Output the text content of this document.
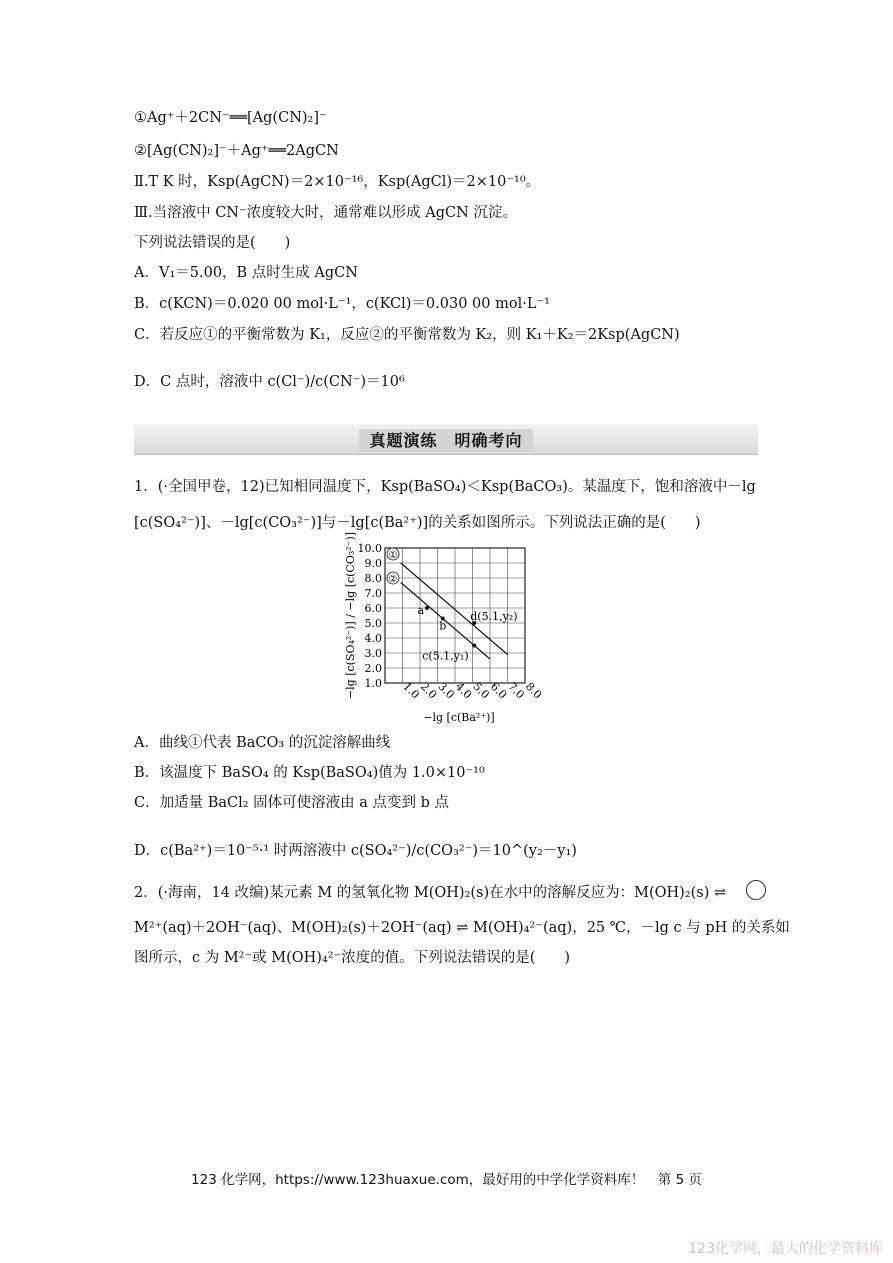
①Ag⁺＋2CN⁻══[Ag(CN)₂]⁻
②[Ag(CN)₂]⁻＋Ag⁺══2AgCN
Ⅱ.T K 时，Ksp(AgCN)＝2×10⁻¹⁶，Ksp(AgCl)＝2×10⁻¹⁰。
Ⅲ.当溶液中 CN⁻浓度较大时，通常难以形成 AgCN 沉淀。
下列说法错误的是(　　)
A．V₁＝5.00，B 点时生成 AgCN
B．c(KCN)＝0.020 00 mol·L⁻¹，c(KCl)＝0.030 00 mol·L⁻¹
C．若反应①的平衡常数为 K₁，反应②的平衡常数为 K₂，则 K₁＋K₂＝2Ksp(AgCN)
D．C 点时，溶液中 c(Cl⁻)/c(CN⁻)＝10⁶
真题演练　明确考向
1．(·全国甲卷，12)已知相同温度下，Ksp(BaSO₄)＜Ksp(BaCO₃)。某温度下，饱和溶液中－lg
[c(SO₄²⁻)]、－lg[c(CO₃²⁻)]与－lg[c(Ba²⁺)]的关系如图所示。下列说法正确的是(　　)
1.0
2.0
3.0
4.0
5.0
6.0
7.0
8.0
9.0
10.0
1.0
2.0
3.0
4.0
5.0
6.0
7.0
8.0
−lg [c(Ba²⁺)]
−lg [c(SO₄²⁻)] / −lg [c(CO₃²⁻)]	①
②
a
b
d(5.1,y₂)
c(5.1,y₁)
A．曲线①代表 BaCO₃ 的沉淀溶解曲线
B．该温度下 BaSO₄ 的 Ksp(BaSO₄)值为 1.0×10⁻¹⁰
C．加适量 BaCl₂ 固体可使溶液由 a 点变到 b 点
D．c(Ba²⁺)＝10⁻⁵·¹ 时两溶液中 c(SO₄²⁻)/c(CO₃²⁻)＝10^(y₂－y₁)
2．(·海南，14 改编)某元素 M 的氢氧化物 M(OH)₂(s)在水中的溶解反应为：M(OH)₂(s) ⇌
M²⁺(aq)＋2OH⁻(aq)、M(OH)₂(s)＋2OH⁻(aq) ⇌ M(OH)₄²⁻(aq)，25 ℃，－lg c 与 pH 的关系如
图所示，c 为 M²⁻或 M(OH)₄²⁻浓度的值。下列说法错误的是(　　)
123 化学网，https://www.123huaxue.com，最好用的中学化学资料库！　第 5 页
123化学网，最大的化学资料库
